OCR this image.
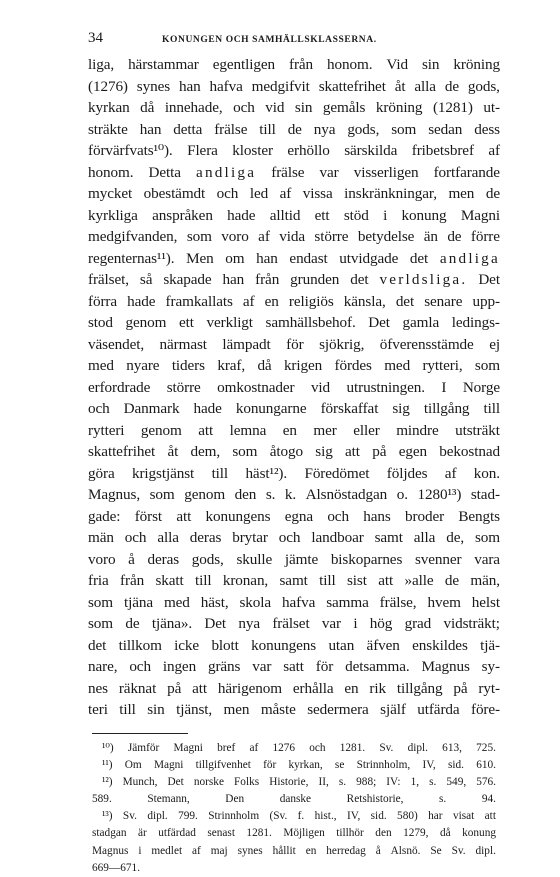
34	KONUNGEN OCH SAMHÄLLSKLASSERNA.
liga, härstammar egentligen från honom. Vid sin kröning
(1276) synes han hafva medgifvit skattefrihet åt alla de gods,
kyrkan då innehade, och vid sin gemåls kröning (1281) ut-
sträkte han detta frälse till de nya gods, som sedan dess
förvärfvats¹⁰). Flera kloster erhöllo särskilda fribetsbref af
honom. Detta andliga frälse var visserligen fortfarande
mycket obestämdt och led af vissa inskränkningar, men de
kyrkliga anspråken hade alltid ett stöd i konung Magni
medgifvanden, som voro af vida större betydelse än de förre
regenternas¹¹). Men om han endast utvidgade det andliga
frälset, så skapade han från grunden det verldsliga. Det
förra hade framkallats af en religiös känsla, det senare upp-
stod genom ett verkligt samhällsbehof. Det gamla ledings-
väsendet, närmast lämpadt för sjökrig, öfverensstämde ej
med nyare tiders kraf, då krigen fördes med rytteri, som
erfordrade större omkostnader vid utrustningen. I Norge
och Danmark hade konungarne förskaffat sig tillgång till
rytteri genom att lemna en mer eller mindre utsträkt
skattefrihet åt dem, som åtogo sig att på egen bekostnad
göra krigstjänst till häst¹²). Föredömet följdes af kon.
Magnus, som genom den s. k. Alsnöstadgan o. 1280¹³) stad-
gade: först att konungens egna och hans broder Bengts
män och alla deras brytar och landboar samt alla de, som
voro å deras gods, skulle jämte biskoparnes svenner vara
fria från skatt till kronan, samt till sist att »alle de män,
som tjäna med häst, skola hafva samma frälse, hvem helst
som de tjäna». Det nya frälset var i hög grad vidsträkt;
det tillkom icke blott konungens utan äfven enskildes tjä-
nare, och ingen gräns var satt för detsamma. Magnus sy-
nes räknat på att härigenom erhålla en rik tillgång på ryt-
teri till sin tjänst, men måste sedermera själf utfärda före-
¹⁰) Jämför Magni bref af 1276 och 1281. Sv. dipl. 613, 725.
¹¹) Om Magni tillgifvenhet för kyrkan, se Strinnholm, IV, sid. 610.
¹²) Munch, Det norske Folks Historie, II, s. 988; IV: 1, s. 549, 576.
589.	Stemann,	Den	danske	Retshistorie,	s.	94.
¹³) Sv. dipl. 799. Strinnholm (Sv. f. hist., IV, sid. 580) har visat att
stadgan är utfärdad senast 1281. Möjligen tillhör den 1279, då konung
Magnus i medlet af maj synes hållit en herredag å Alsnö. Se Sv. dipl.
669—671.
